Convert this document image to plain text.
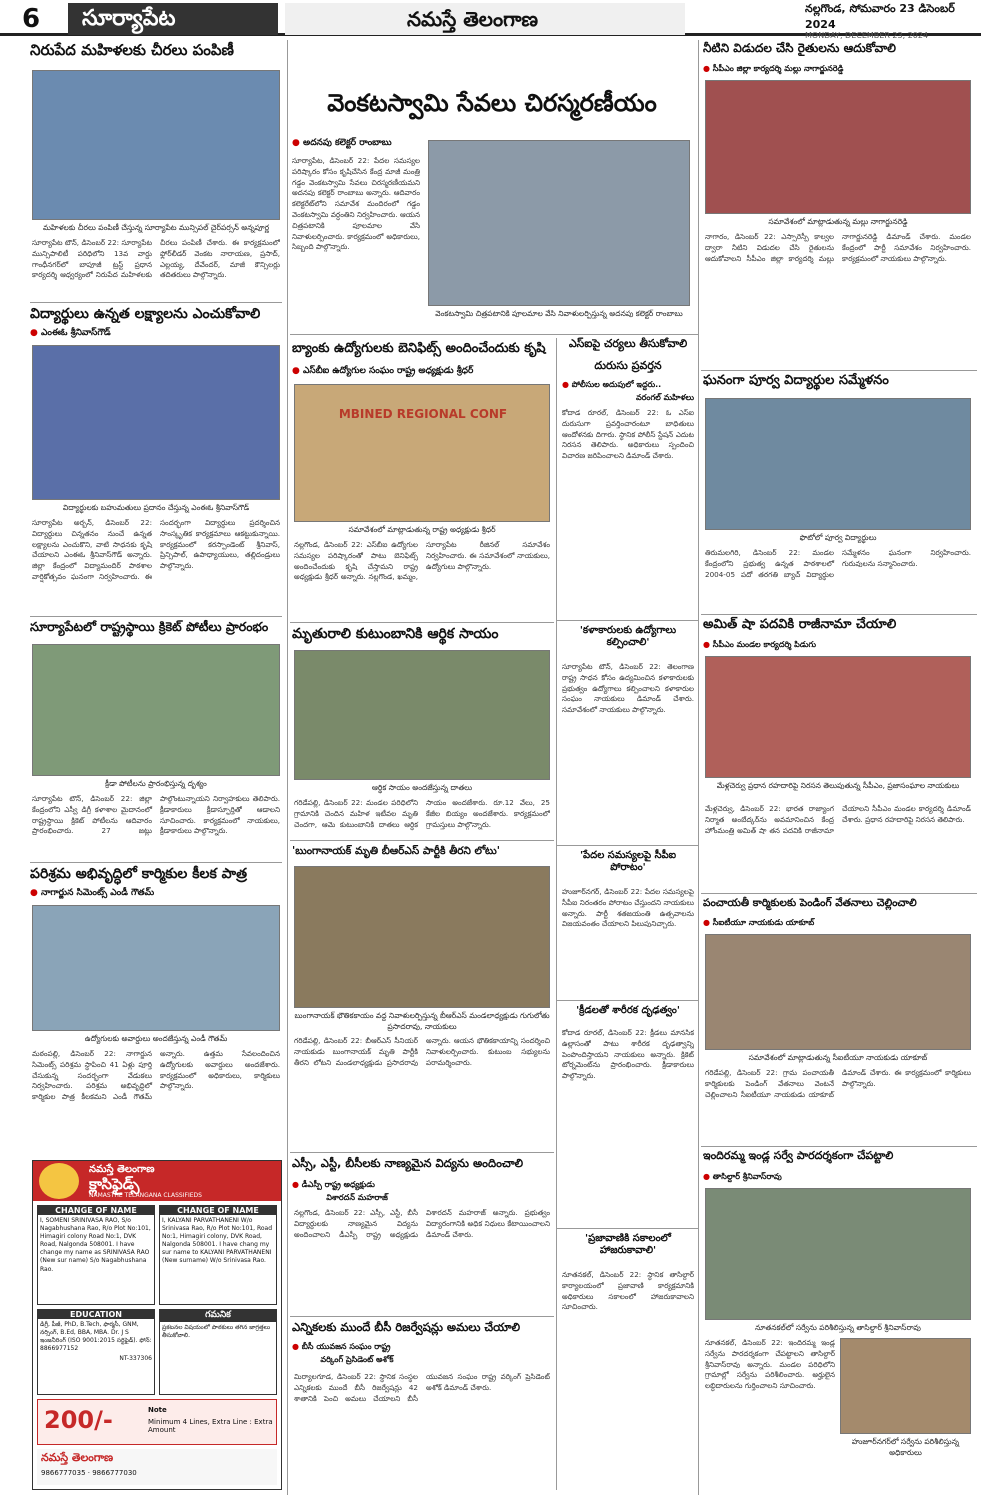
6	సూర్యాపేట	నమస్తే తెలంగాణ	నల్లగొండ, సోమవారం 23 డిసెంబర్ 2024
MONDAY, DECEMBER 23, 2024
నిరుపేద మహిళలకు చీరలు పంపిణీ
మహిళలకు చీరలు పంపిణీ చేస్తున్న సూర్యాపేట మున్సిపల్ చైర్‌పర్సన్ అన్నపూర్ణ
సూర్యాపేట టౌన్, డిసెంబర్ 22: సూర్యాపేట మున్సిపాలిటీ పరిధిలోని 13వ వార్డు గాంధీనగర్‌లో బాపూజీ ట్రస్ట్ ప్రధాన కార్యదర్శి ఆధ్వర్యంలో నిరుపేద మహిళలకు చీరలు పంపిణీ చేశారు. ఈ కార్యక్రమంలో ఫ్లోర్‌లీడర్ వెంకట నారాయణ, ప్రసాద్, ఎల్లయ్య, దేవేందర్, మాజీ కౌన్సిలర్లు తదితరులు పాల్గొన్నారు.
విద్యార్థులు ఉన్నత లక్ష్యాలను ఎంచుకోవాలి
● ఎంఈఓ శ్రీనివాస్‌గౌడ్
విద్యార్థులకు బహుమతులు ప్రదానం చేస్తున్న ఎంఈఓ శ్రీనివాస్‌గౌడ్
సూర్యాపేట అర్బన్, డిసెంబర్ 22: విద్యార్థులు చిన్నతనం నుంచే ఉన్నత లక్ష్యాలను ఎంచుకొని, వాటి సాధనకు కృషి చేయాలని ఎంఈఓ శ్రీనివాస్‌గౌడ్ అన్నారు. జిల్లా కేంద్రంలో విద్యామందిర్ పాఠశాల వార్షికోత్సవం ఘనంగా నిర్వహించారు. ఈ సందర్భంగా విద్యార్థులు ప్రదర్శించిన సాంస్కృతిక కార్యక్రమాలు ఆకట్టుకున్నాయి. కార్యక్రమంలో కరస్పాండెంట్ శ్రీనివాస్, ప్రిన్సిపాల్, ఉపాధ్యాయులు, తల్లిదండ్రులు పాల్గొన్నారు.
సూర్యాపేటలో రాష్ట్రస్థాయి క్రికెట్ పోటీలు ప్రారంభం
క్రీడా పోటీలను ప్రారంభిస్తున్న దృశ్యం
సూర్యాపేట టౌన్, డిసెంబర్ 22: జిల్లా కేంద్రంలోని ఎస్వీ డిగ్రీ కళాశాల మైదానంలో రాష్ట్రస్థాయి క్రికెట్ పోటీలను ఆదివారం ప్రారంభించారు. 27 జట్లు పాల్గొంటున్నాయని నిర్వాహకులు తెలిపారు. క్రీడాకారులు క్రీడాస్ఫూర్తితో ఆడాలని సూచించారు. కార్యక్రమంలో నాయకులు, క్రీడాకారులు పాల్గొన్నారు.
పరిశ్రమ అభివృద్ధిలో కార్మికుల కీలక పాత్ర
● నాగార్జున సిమెంట్స్ ఎండీ గౌతమ్
ఉద్యోగులకు అవార్డులు అందజేస్తున్న ఎండీ గౌతమ్
మఠంపల్లి, డిసెంబర్ 22: నాగార్జున సిమెంట్స్ పరిశ్రమ స్థాపించి 41 ఏళ్లు పూర్తి చేసుకున్న సందర్భంగా వేడుకలు నిర్వహించారు. పరిశ్రమ అభివృద్ధిలో కార్మికుల పాత్ర కీలకమని ఎండీ గౌతమ్ అన్నారు. ఉత్తమ సేవలందించిన ఉద్యోగులకు అవార్డులు అందజేశారు. కార్యక్రమంలో అధికారులు, కార్మికులు పాల్గొన్నారు.
నమస్తే తెలంగాణ
క్లాసిఫైడ్స్
NAMASTHE TELANGANA CLASSIFIEDS
CHANGE OF NAME
I, SOMENI SRINIVASA RAO, S/o Nagabhushana Rao, R/o Plot No:101, Himagiri colony Road No:1, DVK Road, Nalgonda 508001. I have change my name as SRINIVASA RAO (New sur name) S/o Nagabhushana Rao.
CHANGE OF NAME
I, KALYANI PARVATHANENI W/o Srinivasa Rao, R/o Plot No:101, Road No:1, Himagiri colony, DVK Road, Nalgonda 508001. I have chang my sur name to KALYANI PARVATHANENI (New surname) W/o Srinivasa Rao.
EDUCATION
డిగ్రీ, పీజీ, PhD, B.Tech, ఫార్మసీ, GNM, నర్సింగ్, B.Ed, BBA, MBA. Dr. J S ఇంజనీరింగ్ (ISO 9001:2015 సర్టిఫైడ్). ఫోన్: 8866977152
NT-337306
గమనిక
ప్రకటనల విషయంలో పాఠకులు తగిన జాగ్రత్తలు తీసుకోవాలి.
200/-	Note
Minimum 4 Lines, Extra Line : Extra Amount
నమస్తే తెలంగాణ
9866777035 · 9866777030
వెంకటస్వామి సేవలు చిరస్మరణీయం
● అదనపు కలెక్టర్ రాంబాబు
సూర్యాపేట, డిసెంబర్ 22: పేదల సమస్యల పరిష్కారం కోసం కృషిచేసిన కేంద్ర మాజీ మంత్రి గడ్డం వెంకటస్వామి సేవలు చిరస్మరణీయమని అదనపు కలెక్టర్ రాంబాబు అన్నారు. ఆదివారం కలెక్టరేట్‌లోని సమావేశ మందిరంలో గడ్డం వెంకటస్వామి వర్ధంతిని నిర్వహించారు. ఆయన చిత్రపటానికి పూలమాల వేసి నివాళులర్పించారు. కార్యక్రమంలో అధికారులు, సిబ్బంది పాల్గొన్నారు.
వెంకటస్వామి చిత్రపటానికి పూలమాల వేసి నివాళులర్పిస్తున్న అదనపు కలెక్టర్ రాంబాబు
బ్యాంకు ఉద్యోగులకు బెనిఫిట్స్ అందించేందుకు కృషి
● ఎస్‌బీఐ ఉద్యోగుల సంఘం రాష్ట్ర అధ్యక్షుడు శ్రీధర్
MBINED REGIONAL CONF
సమావేశంలో మాట్లాడుతున్న రాష్ట్ర అధ్యక్షుడు శ్రీధర్
నల్లగొండ, డిసెంబర్ 22: ఎస్‌బీఐ ఉద్యోగుల సమస్యల పరిష్కారంతో పాటు బెనిఫిట్స్ అందించేందుకు కృషి చేస్తామని రాష్ట్ర అధ్యక్షుడు శ్రీధర్ అన్నారు. నల్లగొండ, ఖమ్మం, సూర్యాపేట రీజినల్ సమావేశం నిర్వహించారు. ఈ సమావేశంలో నాయకులు, ఉద్యోగులు పాల్గొన్నారు.
ఎస్ఐపై చర్యలు తీసుకోవాలి
దురుసు ప్రవర్తన
● పోలీసుల అదుపులో ఇద్దరు..
వరంగల్ మహిళలు
కోదాడ రూరల్, డిసెంబర్ 22: ఓ ఎస్ఐ దురుసుగా ప్రవర్తించారంటూ బాధితులు ఆందోళనకు దిగారు. స్థానిక పోలీస్ స్టేషన్ ఎదుట నిరసన తెలిపారు. అధికారులు స్పందించి విచారణ జరిపించాలని డిమాండ్ చేశారు.
మృతురాలి కుటుంబానికి ఆర్థిక సాయం
ఆర్థిక సాయం అందజేస్తున్న దాతలు
గరిడేపల్లి, డిసెంబర్ 22: మండల పరిధిలోని గ్రామానికి చెందిన మహిళ ఇటీవల మృతి చెందగా, ఆమె కుటుంబానికి దాతలు ఆర్థిక సాయం అందజేశారు. రూ.12 వేలు, 25 కేజీల బియ్యం అందజేశారు. కార్యక్రమంలో గ్రామస్తులు పాల్గొన్నారు.
'కళాకారులకు ఉద్యోగాలు కల్పించాలి'
సూర్యాపేట టౌన్, డిసెంబర్ 22: తెలంగాణ రాష్ట్ర సాధన కోసం ఉద్యమించిన కళాకారులకు ప్రభుత్వం ఉద్యోగాలు కల్పించాలని కళాకారుల సంఘం నాయకులు డిమాండ్ చేశారు. సమావేశంలో నాయకులు పాల్గొన్నారు.
'బుంగానాయక్ మృతి బీఆర్ఎస్ పార్టీకి తీరని లోటు'
బుంగానాయక్ భౌతికకాయం వద్ద నివాళులర్పిస్తున్న బీఆర్ఎస్ మండలాధ్యక్షుడు గుగులోతు ప్రసాదరావు, నాయకులు
గరిడేపల్లి, డిసెంబర్ 22: బీఆర్ఎస్ సీనియర్ నాయకుడు బుంగానాయక్ మృతి పార్టీకి తీరని లోటని మండలాధ్యక్షుడు ప్రసాదరావు అన్నారు. ఆయన భౌతికకాయాన్ని సందర్శించి నివాళులర్పించారు. కుటుంబ సభ్యులను పరామర్శించారు.
'పేదల సమస్యలపై సీపీఐ పోరాటం'
హుజూర్‌నగర్, డిసెంబర్ 22: పేదల సమస్యలపై సీపీఐ నిరంతరం పోరాటం చేస్తుందని నాయకులు అన్నారు. పార్టీ శతజయంతి ఉత్సవాలను విజయవంతం చేయాలని పిలుపునిచ్చారు.
'క్రీడలతో శారీరక దృఢత్వం'
కోదాడ రూరల్, డిసెంబర్ 22: క్రీడలు మానసిక ఉల్లాసంతో పాటు శారీరక దృఢత్వాన్ని పెంపొందిస్తాయని నాయకులు అన్నారు. క్రికెట్ టోర్నమెంట్‌ను ప్రారంభించారు. క్రీడాకారులు పాల్గొన్నారు.
ఎస్సీ, ఎస్టీ, బీసీలకు నాణ్యమైన విద్యను అందించాలి
● డీఎస్పీ రాష్ట్ర అధ్యక్షుడు
విశారదన్ మహరాజ్
నల్లగొండ, డిసెంబర్ 22: ఎస్సీ, ఎస్టీ, బీసీ విద్యార్థులకు నాణ్యమైన విద్యను అందించాలని డీఎస్పీ రాష్ట్ర అధ్యక్షుడు విశారదన్ మహరాజ్ అన్నారు. ప్రభుత్వం విద్యారంగానికి అధిక నిధులు కేటాయించాలని డిమాండ్ చేశారు.
ఎన్నికలకు ముందే బీసీ రిజర్వేషన్లు అమలు చేయాలి
● బీసీ యువజన సంఘం రాష్ట్ర
వర్కింగ్ ప్రెసిడెంట్ అశోక్
మిర్యాలగూడ, డిసెంబర్ 22: స్థానిక సంస్థల ఎన్నికలకు ముందే బీసీ రిజర్వేషన్లు 42 శాతానికి పెంచి అమలు చేయాలని బీసీ యువజన సంఘం రాష్ట్ర వర్కింగ్ ప్రెసిడెంట్ అశోక్ డిమాండ్ చేశారు.
'ప్రజావాణికి సకాలంలో హాజరుకావాలి'
నూతనకల్, డిసెంబర్ 22: స్థానిక తాసిల్దార్ కార్యాలయంలో ప్రజావాణి కార్యక్రమానికి అధికారులు సకాలంలో హాజరుకావాలని సూచించారు.
నీటిని విడుదల చేసి రైతులను ఆదుకోవాలి
● సీపీఎం జిల్లా కార్యదర్శి మల్లు నాగార్జునరెడ్డి
సమావేశంలో మాట్లాడుతున్న మల్లు నాగార్జునరెడ్డి
నాగారం, డిసెంబర్ 22: ఎస్సారెస్పీ కాల్వల ద్వారా నీటిని విడుదల చేసి రైతులను ఆదుకోవాలని సీపీఎం జిల్లా కార్యదర్శి మల్లు నాగార్జునరెడ్డి డిమాండ్ చేశారు. మండల కేంద్రంలో పార్టీ సమావేశం నిర్వహించారు. కార్యక్రమంలో నాయకులు పాల్గొన్నారు.
ఘనంగా పూర్వ విద్యార్థుల సమ్మేళనం
ఫొటోలో పూర్వ విద్యార్థులు
తిరుమలగిరి, డిసెంబర్ 22: మండల కేంద్రంలోని ప్రభుత్వ ఉన్నత పాఠశాలలో 2004-05 పదో తరగతి బ్యాచ్ విద్యార్థుల సమ్మేళనం ఘనంగా నిర్వహించారు. గురువులను సన్మానించారు.
అమిత్ షా పదవికి రాజీనామా చేయాలి
● సీపీఎం మండల కార్యదర్శి పిడుగు
మేళ్లచెర్వు ప్రధాన రహదారిపై నిరసన తెలుపుతున్న సీపీఎం, ప్రజాసంఘాల నాయకులు
మేళ్లచెర్వు, డిసెంబర్ 22: భారత రాజ్యాంగ నిర్మాత అంబేద్కర్‌ను అవమానించిన కేంద్ర హోంమంత్రి అమిత్ షా తన పదవికి రాజీనామా చేయాలని సీపీఎం మండల కార్యదర్శి డిమాండ్ చేశారు. ప్రధాన రహదారిపై నిరసన తెలిపారు.
పంచాయతీ కార్మికులకు పెండింగ్ వేతనాలు చెల్లించాలి
● సీఐటీయూ నాయకుడు యాకూబ్
సమావేశంలో మాట్లాడుతున్న సీఐటీయూ నాయకుడు యాకూబ్
గరిడేపల్లి, డిసెంబర్ 22: గ్రామ పంచాయతీ కార్మికులకు పెండింగ్ వేతనాలు వెంటనే చెల్లించాలని సీఐటీయూ నాయకుడు యాకూబ్ డిమాండ్ చేశారు. ఈ కార్యక్రమంలో కార్మికులు పాల్గొన్నారు.
ఇందిరమ్మ ఇండ్ల సర్వే పారదర్శకంగా చేపట్టాలి
● తాసిల్దార్ శ్రీనివాస్‌రావు
నూతనకల్‌లో సర్వేను పరిశీలిస్తున్న తాసిల్దార్ శ్రీనివాస్‌రావు
నూతనకల్, డిసెంబర్ 22: ఇందిరమ్మ ఇండ్ల సర్వేను పారదర్శకంగా చేపట్టాలని తాసిల్దార్ శ్రీనివాస్‌రావు అన్నారు. మండల పరిధిలోని గ్రామాల్లో సర్వేను పరిశీలించారు. అర్హులైన లబ్ధిదారులను గుర్తించాలని సూచించారు.
హుజూర్‌నగర్‌లో సర్వేను పరిశీలిస్తున్న అధికారులు
